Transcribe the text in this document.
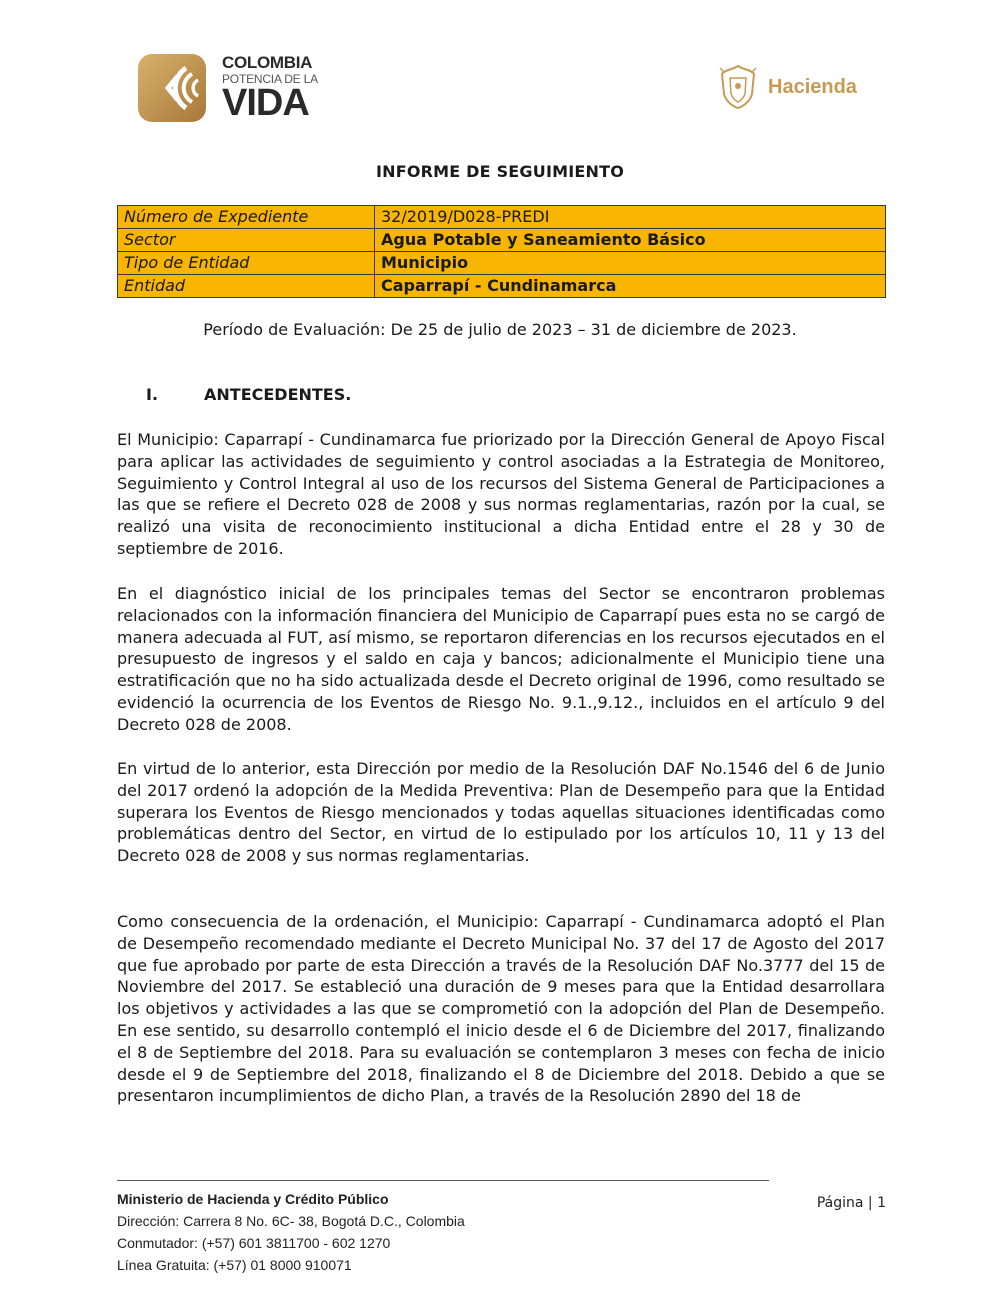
COLOMBIA
POTENCIA DE LA
VIDA	Hacienda
INFORME DE SEGUIMIENTO
Número de Expediente	32/2019/D028-PREDI
Sector	Agua Potable y Saneamiento Básico
Tipo de Entidad	Municipio
Entidad	Caparrapí - Cundinamarca
Período de Evaluación: De 25 de julio de 2023 – 31 de diciembre de 2023.
I.	ANTECEDENTES.

El Municipio: Caparrapí - Cundinamarca fue priorizado por la Dirección General de Apoyo Fiscal para aplicar las actividades de seguimiento y control asociadas a la Estrategia de Monitoreo, Seguimiento y Control Integral al uso de los recursos del Sistema General de Participaciones a las que se refiere el Decreto 028 de 2008 y sus normas reglamentarias, razón por la cual, se realizó una visita de reconocimiento institucional a dicha Entidad entre el 28 y 30 de septiembre de 2016.

En el diagnóstico inicial de los principales temas del Sector se encontraron problemas relacionados con la información financiera del Municipio de Caparrapí pues esta no se cargó de manera adecuada al FUT, así mismo, se reportaron diferencias en los recursos ejecutados en el presupuesto de ingresos y el saldo en caja y bancos; adicionalmente el Municipio tiene una estratificación que no ha sido actualizada desde el Decreto original de 1996, como resultado se evidenció la ocurrencia de los Eventos de Riesgo No. 9.1.,9.12., incluidos en el artículo 9 del Decreto 028 de 2008.

En virtud de lo anterior, esta Dirección por medio de la Resolución DAF No.1546 del 6 de Junio del 2017 ordenó la adopción de la Medida Preventiva: Plan de Desempeño para que la Entidad superara los Eventos de Riesgo mencionados y todas aquellas situaciones identificadas como problemáticas dentro del Sector, en virtud de lo estipulado por los artículos 10, 11 y 13 del Decreto 028 de 2008 y sus normas reglamentarias.

Como consecuencia de la ordenación, el Municipio: Caparrapí - Cundinamarca adoptó el Plan de Desempeño recomendado mediante el Decreto Municipal No. 37 del 17 de Agosto del 2017 que fue aprobado por parte de esta Dirección a través de la Resolución DAF No.3777 del 15 de Noviembre del 2017. Se estableció una duración de 9 meses para que la Entidad desarrollara los objetivos y actividades a las que se comprometió con la adopción del Plan de Desempeño. En ese sentido, su desarrollo contempló el inicio desde el 6 de Diciembre del 2017, finalizando el 8 de Septiembre del 2018. Para su evaluación se contemplaron 3 meses con fecha de inicio desde el 9 de Septiembre del 2018, finalizando el 8 de Diciembre del 2018. Debido a que se presentaron incumplimientos de dicho Plan, a través de la Resolución 2890 del 18 de

Ministerio de Hacienda y Crédito Público
Dirección: Carrera 8 No. 6C- 38, Bogotá D.C., Colombia
Conmutador: (+57) 601 3811700 - 602 1270
Línea Gratuita: (+57) 01 8000 910071
Página | 1
